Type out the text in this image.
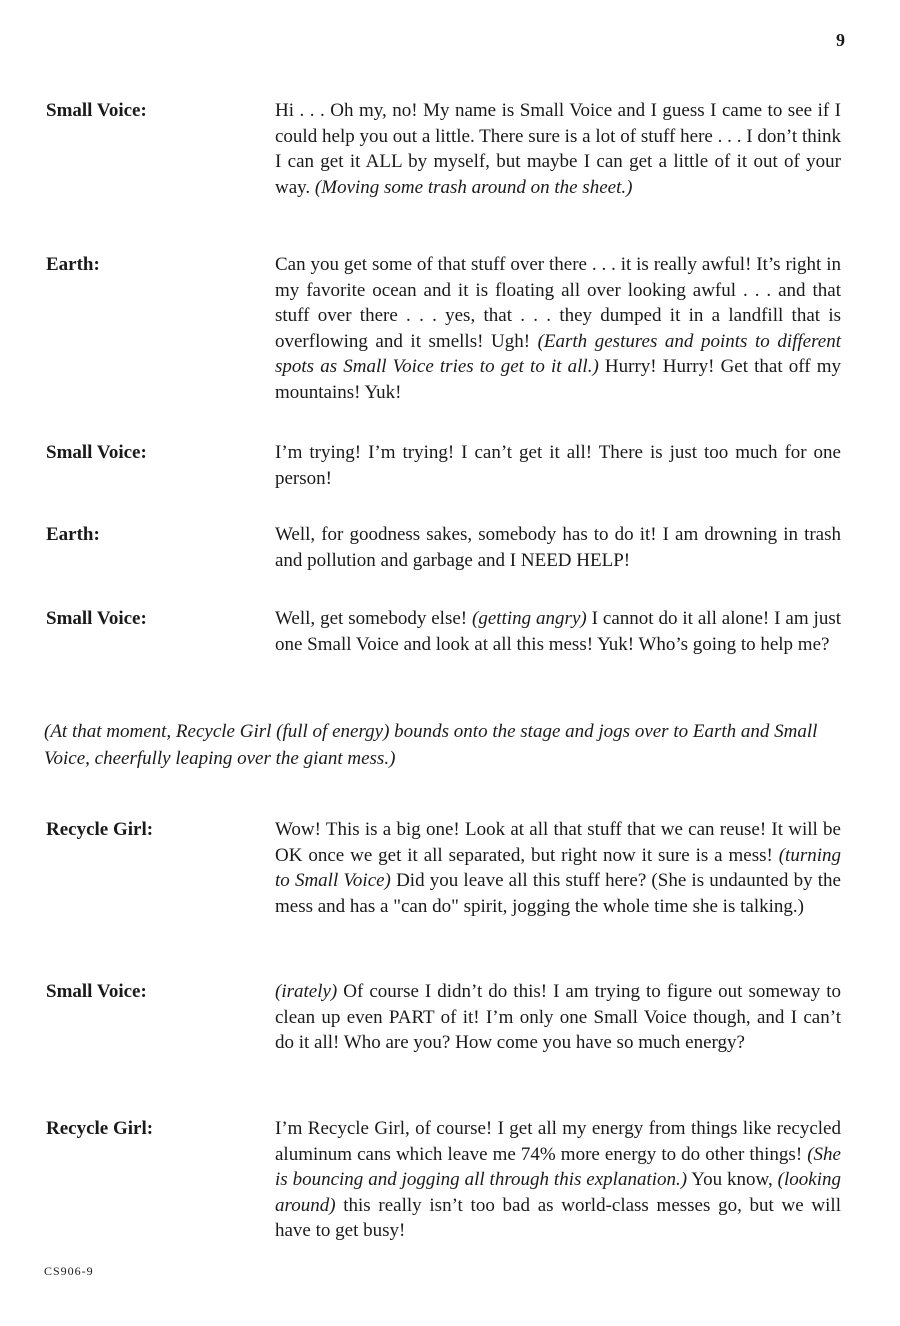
9
Small Voice:	Hi . . . Oh my, no! My name is Small Voice and I guess I came to see if I could help you out a little. There sure is a lot of stuff here . . . I don’t think I can get it ALL by myself, but maybe I can get a little of it out of your way. (Moving some trash around on the sheet.)
Earth:	Can you get some of that stuff over there . . . it is really awful! It’s right in my favorite ocean and it is floating all over looking awful . . . and that stuff over there . . . yes, that . . . they dumped it in a landfill that is overflowing and it smells! Ugh! (Earth gestures and points to different spots as Small Voice tries to get to it all.) Hurry! Hurry! Get that off my mountains! Yuk!
Small Voice:	I’m trying! I’m trying! I can’t get it all! There is just too much for one person!
Earth:	Well, for goodness sakes, somebody has to do it! I am drowning in trash and pollution and garbage and I NEED HELP!
Small Voice:	Well, get somebody else! (getting angry) I cannot do it all alone! I am just one Small Voice and look at all this mess! Yuk! Who’s going to help me?
(At that moment, Recycle Girl (full of energy) bounds onto the stage and jogs over to Earth and Small Voice, cheerfully leaping over the giant mess.)
Recycle Girl:	Wow! This is a big one! Look at all that stuff that we can reuse! It will be OK once we get it all separated, but right now it sure is a mess! (turning to Small Voice) Did you leave all this stuff here? (She is undaunted by the mess and has a "can do" spirit, jogging the whole time she is talking.)
Small Voice:	(irately) Of course I didn’t do this! I am trying to figure out someway to clean up even PART of it! I’m only one Small Voice though, and I can’t do it all! Who are you? How come you have so much energy?
Recycle Girl:	I’m Recycle Girl, of course! I get all my energy from things like recycled aluminum cans which leave me 74% more energy to do other things! (She is bouncing and jogging all through this explanation.) You know, (looking around) this really isn’t too bad as world-class messes go, but we will have to get busy!
CS906-9
